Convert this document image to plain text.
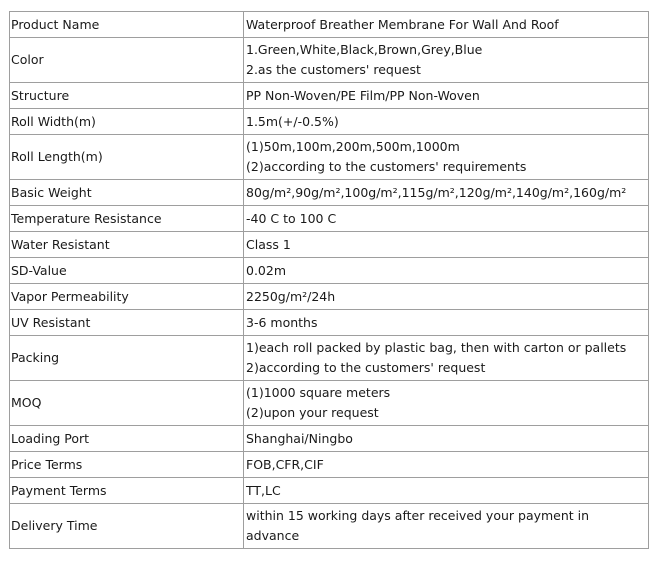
Product Name	Waterproof Breather Membrane For Wall And Roof

Color	1.Green,White,Black,Brown,Grey,Blue
2.as the customers' request

Structure	PP Non-Woven/PE Film/PP Non-Woven

Roll Width(m)	1.5m(+/-0.5%)

Roll Length(m)	(1)50m,100m,200m,500m,1000m
(2)according to the customers' requirements

Basic Weight	80g/m²,90g/m²,100g/m²,115g/m²,120g/m²,140g/m²,160g/m²

Temperature Resistance	-40 C to 100 C

Water Resistant	Class 1

SD-Value	0.02m

Vapor Permeability	2250g/m²/24h

UV Resistant	3-6 months

Packing	1)each roll packed by plastic bag, then with carton or pallets
2)according to the customers' request

MOQ	(1)1000 square meters
(2)upon your request

Loading Port	Shanghai/Ningbo

Price Terms	FOB,CFR,CIF

Payment Terms	TT,LC

Delivery Time	within 15 working days after received your payment in
advance
